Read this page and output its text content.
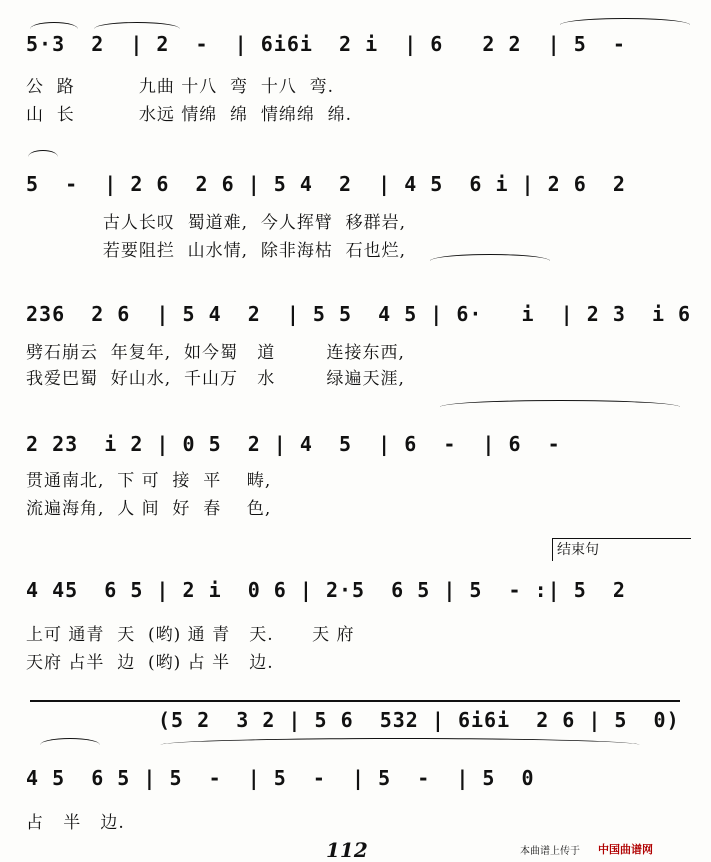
5·3  2  | 2  -  | 6i6i  2 i  | 6   2 2  | 5  -
公  路          九曲 十八  弯  十八  弯.
山  长          水远 情绵  绵  情绵绵  绵.
5  -  | 2 6  2 6 | 5 4  2  | 4 5  6 i | 2 6  2
古人长叹  蜀道难,  今人挥臂  移群岩,
若要阻拦  山水情,  除非海枯  石也烂,
236  2 6  | 5 4  2  | 5 5  4 5 | 6·   i  | 2 3  i 6
劈石崩云  年复年,  如今蜀   道        连接东西,
我爱巴蜀  好山水,  千山万   水        绿遍天涯,
2 23  i 2 | 0 5  2 | 4  5  | 6  -  | 6  -
贯通南北,  下 可  接  平    畴,
流遍海角,  人 间  好  春    色,
结束句
4 45  6 5 | 2 i  0 6 | 2·5  6 5 | 5  - :| 5  2
上可 通青  天  (哟) 通 青   天.      天 府
天府 占半  边  (哟) 占 半   边.
(5 2  3 2 | 5 6  532 | 6i6i  2 6 | 5  0)
4 5  6 5 | 5  -  | 5  -  | 5  -  | 5  0
占   半   边.
112	本曲谱上传于 中国曲谱网
